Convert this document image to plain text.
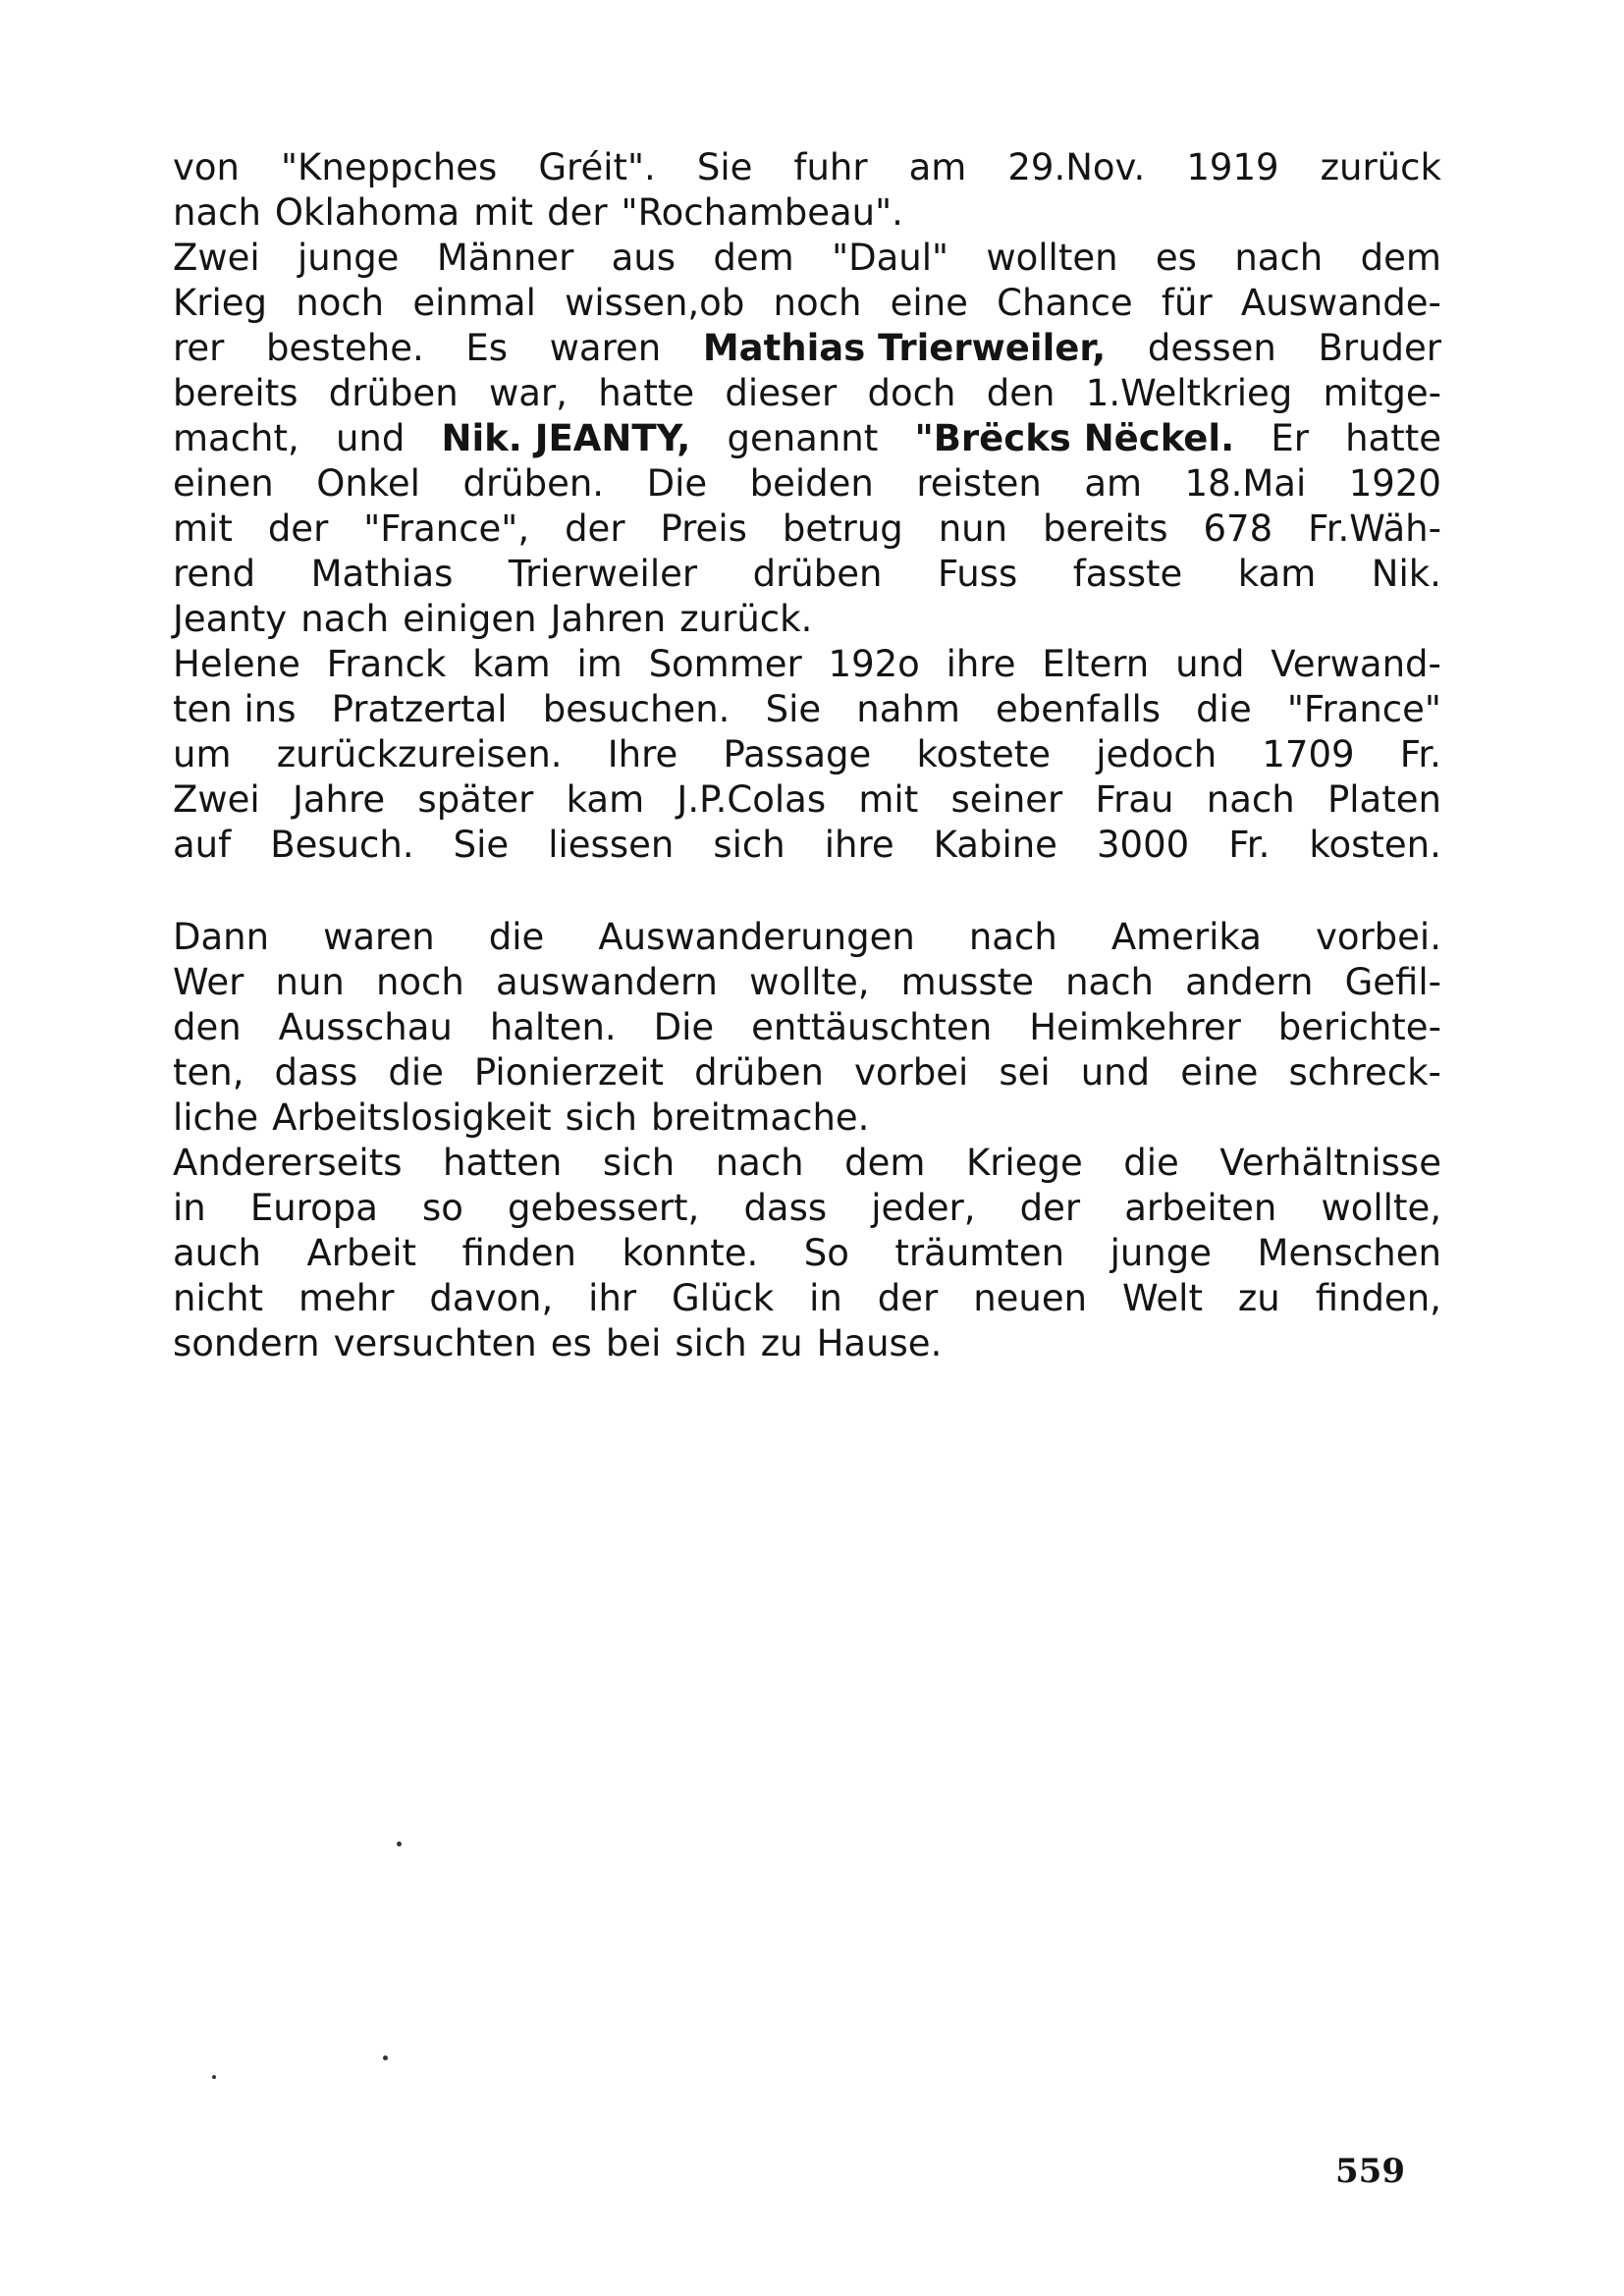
von "Kneppches Gréit". Sie fuhr am 29.Nov. 1919 zurück
nach Oklahoma mit der "Rochambeau".
Zwei junge Männer aus dem "Daul" wollten es nach dem
Krieg noch einmal wissen,ob noch eine Chance für Auswande-
rer bestehe. Es waren Mathias Trierweiler, dessen Bruder
bereits drüben war, hatte dieser doch den 1.Weltkrieg mitge-
macht, und Nik. JEANTY, genannt "Brëcks Nëckel. Er hatte
einen Onkel drüben. Die beiden reisten am 18.Mai 1920
mit der "France", der Preis betrug nun bereits 678 Fr.Wäh-
rend Mathias Trierweiler drüben Fuss fasste kam Nik.
Jeanty nach einigen Jahren zurück.
Helene Franck kam im Sommer 192o ihre Eltern und Verwand-
ten ins Pratzertal besuchen. Sie nahm ebenfalls die "France"
um zurückzureisen. Ihre Passage kostete jedoch 1709 Fr.
Zwei Jahre später kam J.P.Colas mit seiner Frau nach Platen
auf Besuch. Sie liessen sich ihre Kabine 3000 Fr. kosten.
Dann waren die Auswanderungen nach Amerika vorbei.
Wer nun noch auswandern wollte, musste nach andern Gefil-
den Ausschau halten. Die enttäuschten Heimkehrer berichte-
ten, dass die Pionierzeit drüben vorbei sei und eine schreck-
liche Arbeitslosigkeit sich breitmache.
Andererseits hatten sich nach dem Kriege die Verhältnisse
in Europa so gebessert, dass jeder, der arbeiten wollte,
auch Arbeit finden konnte. So träumten junge Menschen
nicht mehr davon, ihr Glück in der neuen Welt zu finden,
sondern versuchten es bei sich zu Hause.
559
